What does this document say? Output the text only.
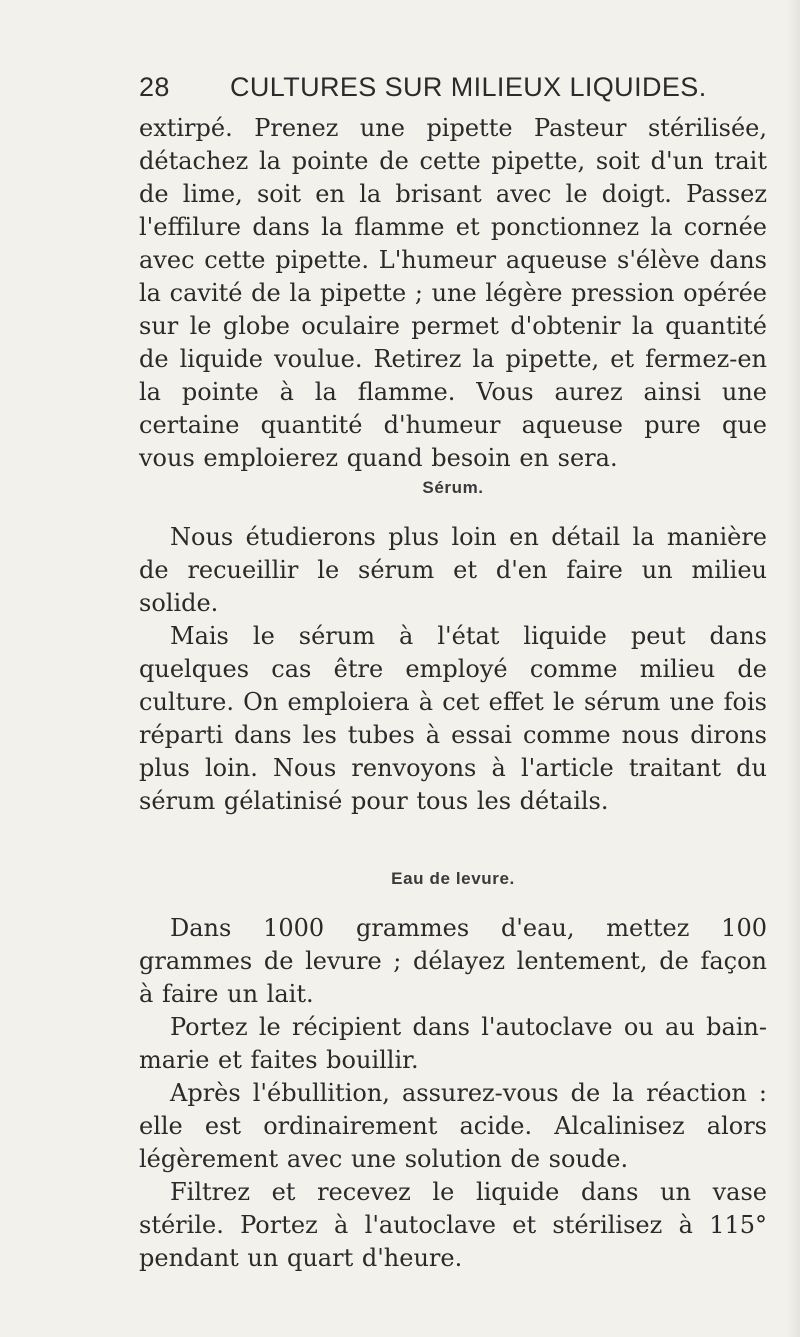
28 CULTURES SUR MILIEUX LIQUIDES.

extirpé. Prenez une pipette Pasteur stérilisée, détachez la pointe de cette pipette, soit d'un trait de lime, soit en la brisant avec le doigt. Passez l'effilure dans la flamme et ponctionnez la cornée avec cette pipette. L'humeur aqueuse s'élève dans la cavité de la pipette ; une légère pression opérée sur le globe oculaire permet d'obtenir la quantité de liquide voulue. Retirez la pipette, et fermez-en la pointe à la flamme. Vous aurez ainsi une certaine quantité d'humeur aqueuse pure que vous emploierez quand besoin en sera.

Sérum.

Nous étudierons plus loin en détail la manière de recueillir le sérum et d'en faire un milieu solide.

Mais le sérum à l'état liquide peut dans quelques cas être employé comme milieu de culture. On emploiera à cet effet le sérum une fois réparti dans les tubes à essai comme nous dirons plus loin. Nous renvoyons à l'article traitant du sérum gélatinisé pour tous les détails.

Eau de levure.

Dans 1000 grammes d'eau, mettez 100 grammes de levure ; délayez lentement, de façon à faire un lait.

Portez le récipient dans l'autoclave ou au bain-marie et faites bouillir.

Après l'ébullition, assurez-vous de la réaction : elle est ordinairement acide. Alcalinisez alors légèrement avec une solution de soude.

Filtrez et recevez le liquide dans un vase stérile. Portez à l'autoclave et stérilisez à 115° pendant un quart d'heure.
